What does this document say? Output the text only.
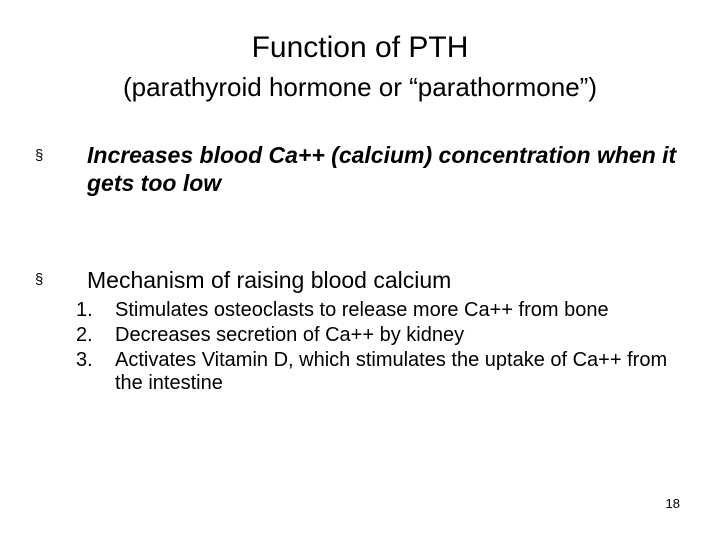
Function of PTH
(parathyroid hormone or “parathormone”)
§ Increases blood Ca++ (calcium) concentration when it gets too low
§ Mechanism of raising blood calcium
1.	Stimulates osteoclasts to release more Ca++ from bone
2.	Decreases secretion of Ca++ by kidney
3.	Activates Vitamin D, which stimulates the uptake of Ca++ from the intestine
18
